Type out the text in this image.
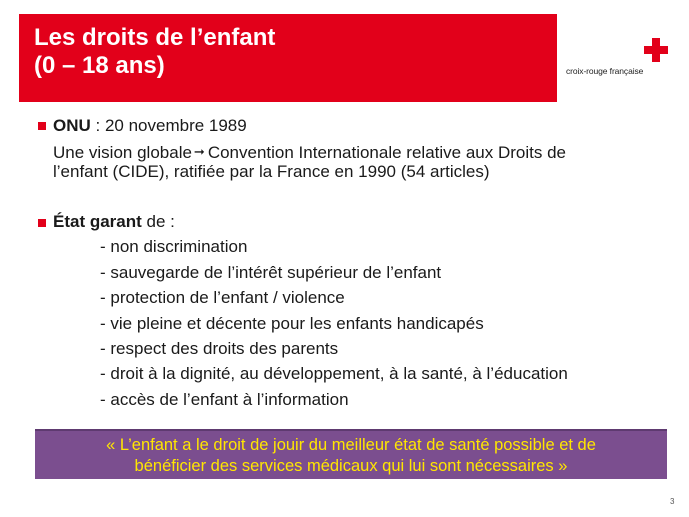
Les droits de l’enfant
(0 – 18 ans)	croix-rouge française
ONU : 20 novembre 1989
Une vision globale ➞ Convention Internationale relative aux Droits de
l’enfant (CIDE), ratifiée par la France en 1990 (54 articles)
État garant de :
- non discrimination
- sauvegarde de l’intérêt supérieur de l’enfant
- protection de l’enfant / violence
- vie pleine et décente pour les enfants handicapés
- respect des droits des parents
- droit à la dignité, au développement, à la santé, à l’éducation
- accès de l’enfant à l’information
« L’enfant a le droit de jouir du meilleur état de santé possible et de
bénéficier des services médicaux qui lui sont nécessaires »
3
